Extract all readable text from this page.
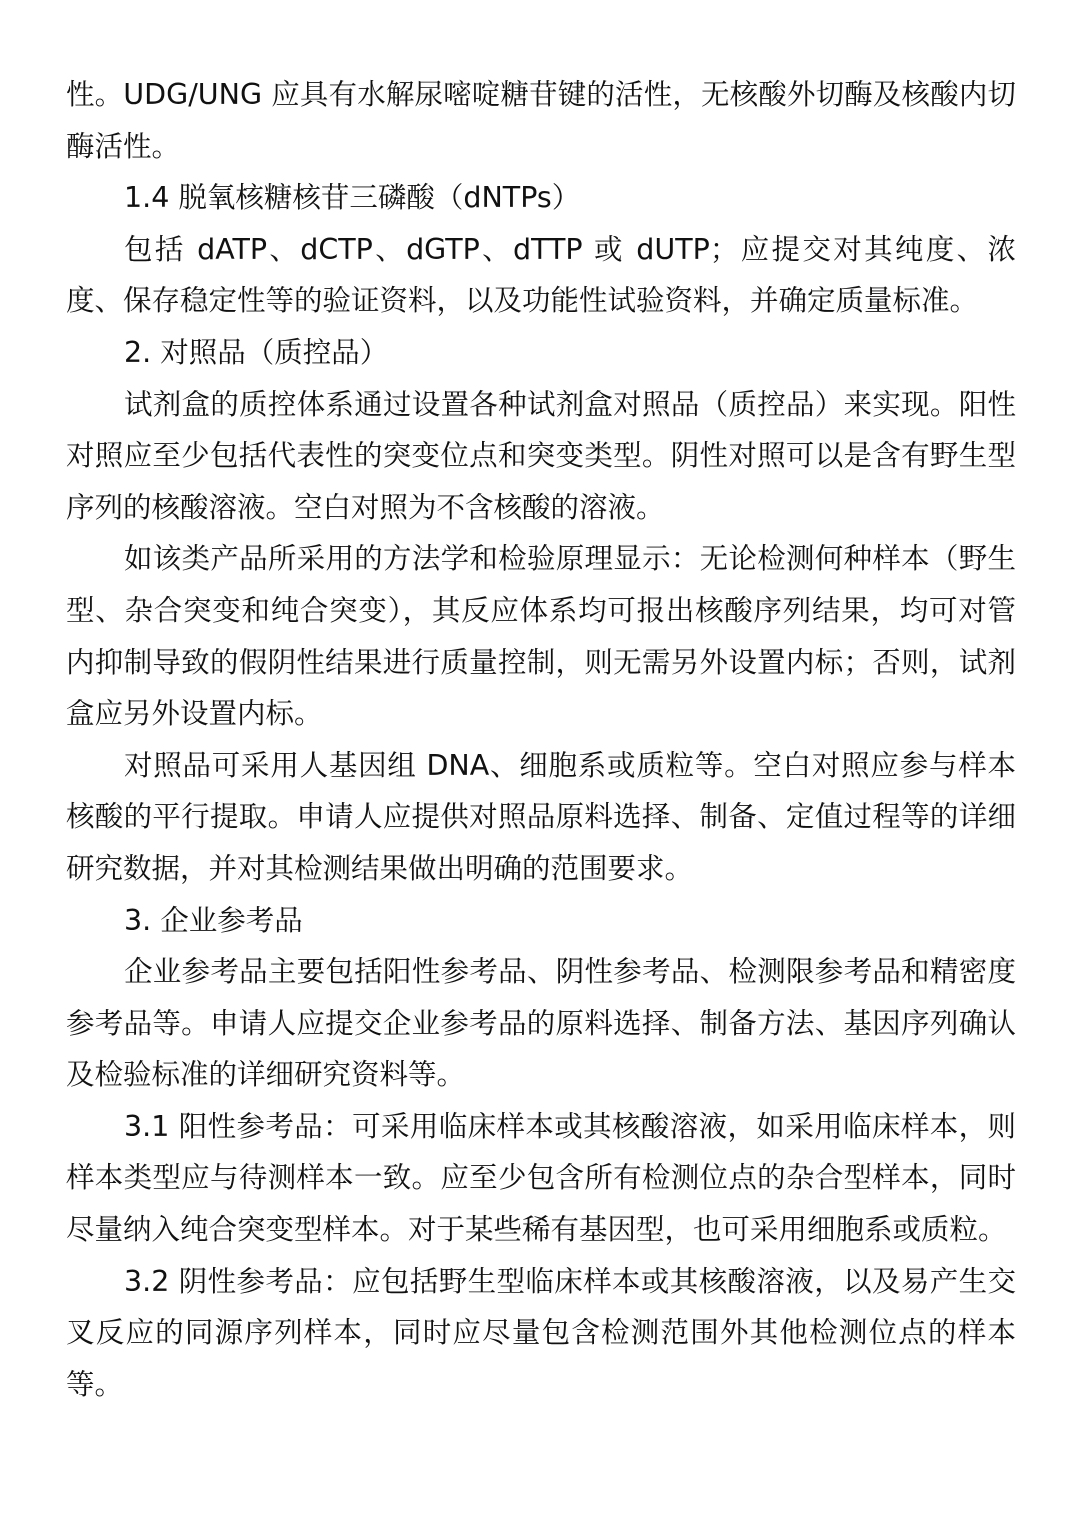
性。UDG/UNG 应具有水解尿嘧啶糖苷键的活性，无核酸外切酶及核酸内切酶活性。

1.4 脱氧核糖核苷三磷酸（dNTPs）

包括 dATP、dCTP、dGTP、dTTP 或 dUTP；应提交对其纯度、浓度、保存稳定性等的验证资料，以及功能性试验资料，并确定质量标准。

2. 对照品（质控品）

试剂盒的质控体系通过设置各种试剂盒对照品（质控品）来实现。阳性对照应至少包括代表性的突变位点和突变类型。阴性对照可以是含有野生型序列的核酸溶液。空白对照为不含核酸的溶液。

如该类产品所采用的方法学和检验原理显示：无论检测何种样本（野生型、杂合突变和纯合突变），其反应体系均可报出核酸序列结果，均可对管内抑制导致的假阴性结果进行质量控制，则无需另外设置内标；否则，试剂盒应另外设置内标。

对照品可采用人基因组 DNA、细胞系或质粒等。空白对照应参与样本核酸的平行提取。申请人应提供对照品原料选择、制备、定值过程等的详细研究数据，并对其检测结果做出明确的范围要求。

3. 企业参考品

企业参考品主要包括阳性参考品、阴性参考品、检测限参考品和精密度参考品等。申请人应提交企业参考品的原料选择、制备方法、基因序列确认及检验标准的详细研究资料等。

3.1 阳性参考品：可采用临床样本或其核酸溶液，如采用临床样本，则样本类型应与待测样本一致。应至少包含所有检测位点的杂合型样本，同时尽量纳入纯合突变型样本。对于某些稀有基因型，也可采用细胞系或质粒。

3.2 阴性参考品：应包括野生型临床样本或其核酸溶液，以及易产生交叉反应的同源序列样本，同时应尽量包含检测范围外其他检测位点的样本等。
